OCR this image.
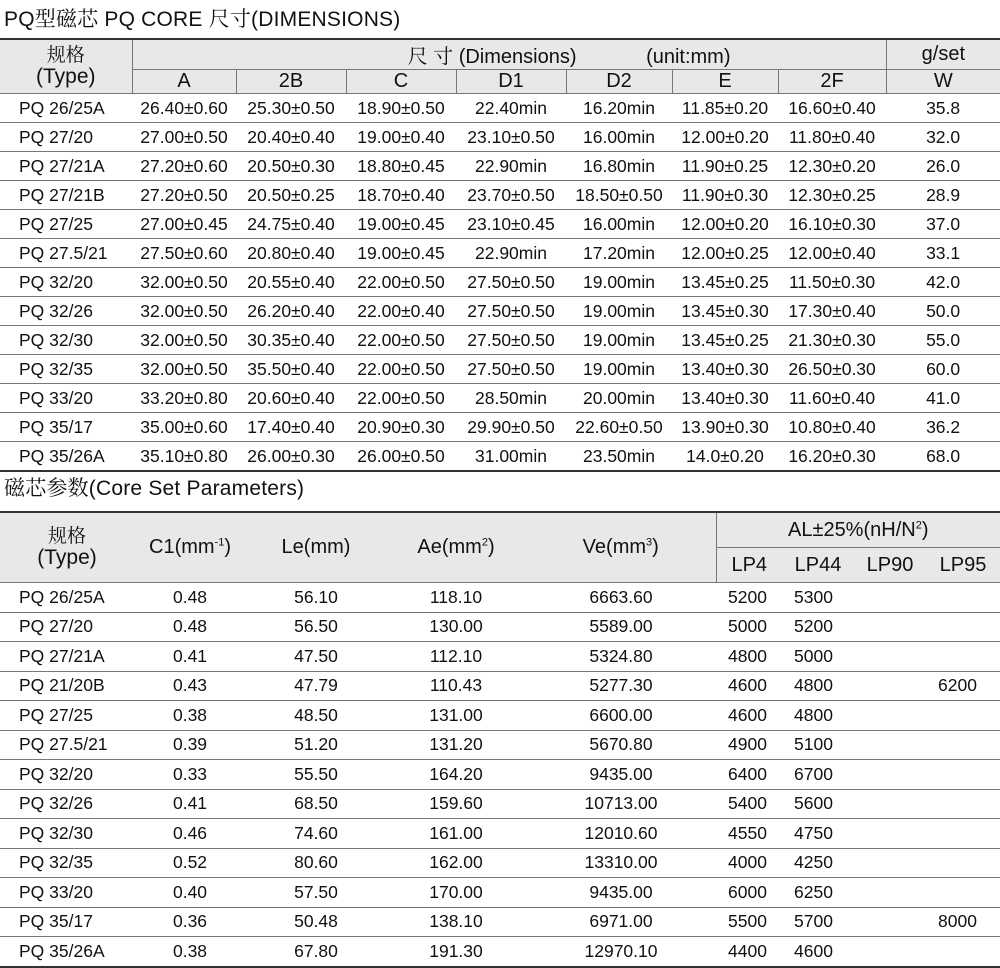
PQ型磁芯 PQ CORE 尺寸(DIMENSIONS)
规格
(Type)	尺 寸 (Dimensions) (unit:mm)							g/set
	A	2B	C	D1	D2	E	2F	W
PQ 26/25A	26.40±0.60	25.30±0.50	18.90±0.50	22.40min	16.20min	11.85±0.20	16.60±0.40	35.8
PQ 27/20	27.00±0.50	20.40±0.40	19.00±0.40	23.10±0.50	16.00min	12.00±0.20	11.80±0.40	32.0
PQ 27/21A	27.20±0.60	20.50±0.30	18.80±0.45	22.90min	16.80min	11.90±0.25	12.30±0.20	26.0
PQ 27/21B	27.20±0.50	20.50±0.25	18.70±0.40	23.70±0.50	18.50±0.50	11.90±0.30	12.30±0.25	28.9
PQ 27/25	27.00±0.45	24.75±0.40	19.00±0.45	23.10±0.45	16.00min	12.00±0.20	16.10±0.30	37.0
PQ 27.5/21	27.50±0.60	20.80±0.40	19.00±0.45	22.90min	17.20min	12.00±0.25	12.00±0.40	33.1
PQ 32/20	32.00±0.50	20.55±0.40	22.00±0.50	27.50±0.50	19.00min	13.45±0.25	11.50±0.30	42.0
PQ 32/26	32.00±0.50	26.20±0.40	22.00±0.40	27.50±0.50	19.00min	13.45±0.30	17.30±0.40	50.0
PQ 32/30	32.00±0.50	30.35±0.40	22.00±0.50	27.50±0.50	19.00min	13.45±0.25	21.30±0.30	55.0
PQ 32/35	32.00±0.50	35.50±0.40	22.00±0.50	27.50±0.50	19.00min	13.40±0.30	26.50±0.30	60.0
PQ 33/20	33.20±0.80	20.60±0.40	22.00±0.50	28.50min	20.00min	13.40±0.30	11.60±0.40	41.0
PQ 35/17	35.00±0.60	17.40±0.40	20.90±0.30	29.90±0.50	22.60±0.50	13.90±0.30	10.80±0.40	36.2
PQ 35/26A	35.10±0.80	26.00±0.30	26.00±0.50	31.00min	23.50min	14.0±0.20	16.20±0.30	68.0
磁芯参数(Core Set Parameters)
规格
(Type)	$C1(mm^{-1})$	Le(mm)	$Ae(mm^2)$	$Ve(mm^3)$	$AL\pm 25\%(nH/N^2)$			
					LP4	LP44	LP90	LP95
PQ 26/25A	0.48	56.10	118.10	6663.60	5200	5300		
PQ 27/20	0.48	56.50	130.00	5589.00	5000	5200		
PQ 27/21A	0.41	47.50	112.10	5324.80	4800	5000		
PQ 21/20B	0.43	47.79	110.43	5277.30	4600	4800		6200
PQ 27/25	0.38	48.50	131.00	6600.00	4600	4800		
PQ 27.5/21	0.39	51.20	131.20	5670.80	4900	5100		
PQ 32/20	0.33	55.50	164.20	9435.00	6400	6700		
PQ 32/26	0.41	68.50	159.60	10713.00	5400	5600		
PQ 32/30	0.46	74.60	161.00	12010.60	4550	4750		
PQ 32/35	0.52	80.60	162.00	13310.00	4000	4250		
PQ 33/20	0.40	57.50	170.00	9435.00	6000	6250		
PQ 35/17	0.36	50.48	138.10	6971.00	5500	5700		8000
PQ 35/26A	0.38	67.80	191.30	12970.10	4400	4600		
